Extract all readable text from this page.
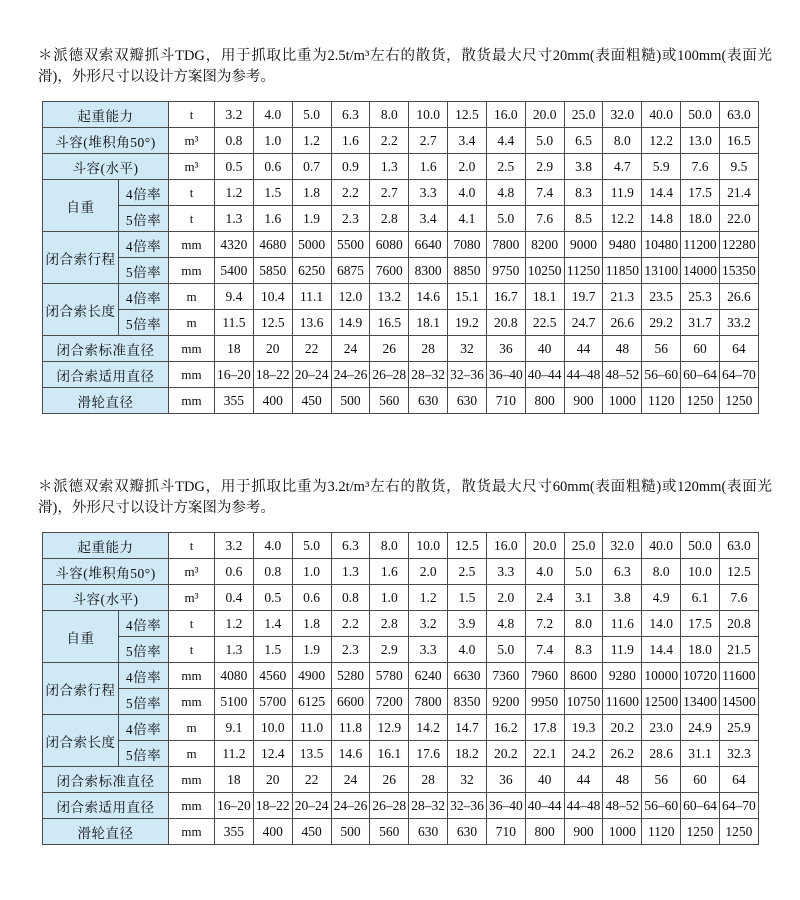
＊派德双索双瓣抓斗TDG，用于抓取比重为2.5t/m³左右的散货，散货最大尺寸20mm(表面粗糙)或100mm(表面光滑)，外形尺寸以设计方案图为参考。

起重能力		t	3.2	4.0	5.0	6.3	8.0	10.0	12.5	16.0	20.0	25.0	32.0	40.0	50.0	63.0
斗容(堆积角50°)		m³	0.8	1.0	1.2	1.6	2.2	2.7	3.4	4.4	5.0	6.5	8.0	12.2	13.0	16.5
斗容(水平)		m³	0.5	0.6	0.7	0.9	1.3	1.6	2.0	2.5	2.9	3.8	4.7	5.9	7.6	9.5
自重	4倍率	t	1.2	1.5	1.8	2.2	2.7	3.3	4.0	4.8	7.4	8.3	11.9	14.4	17.5	21.4
	5倍率	t	1.3	1.6	1.9	2.3	2.8	3.4	4.1	5.0	7.6	8.5	12.2	14.8	18.0	22.0
闭合索行程	4倍率	mm	4320	4680	5000	5500	6080	6640	7080	7800	8200	9000	9480	10480	11200	12280
	5倍率	mm	5400	5850	6250	6875	7600	8300	8850	9750	10250	11250	11850	13100	14000	15350
闭合索长度	4倍率	m	9.4	10.4	11.1	12.0	13.2	14.6	15.1	16.7	18.1	19.7	21.3	23.5	25.3	26.6
	5倍率	m	11.5	12.5	13.6	14.9	16.5	18.1	19.2	20.8	22.5	24.7	26.6	29.2	31.7	33.2
闭合索标准直径		mm	18	20	22	24	26	28	32	36	40	44	48	56	60	64
闭合索适用直径		mm	16–20	18–22	20–24	24–26	26–28	28–32	32–36	36–40	40–44	44–48	48–52	56–60	60–64	64–70
滑轮直径		mm	355	400	450	500	560	630	630	710	800	900	1000	1120	1250	1250

＊派德双索双瓣抓斗TDG，用于抓取比重为3.2t/m³左右的散货，散货最大尺寸60mm(表面粗糙)或120mm(表面光滑)，外形尺寸以设计方案图为参考。

起重能力		t	3.2	4.0	5.0	6.3	8.0	10.0	12.5	16.0	20.0	25.0	32.0	40.0	50.0	63.0
斗容(堆积角50°)		m³	0.6	0.8	1.0	1.3	1.6	2.0	2.5	3.3	4.0	5.0	6.3	8.0	10.0	12.5
斗容(水平)		m³	0.4	0.5	0.6	0.8	1.0	1.2	1.5	2.0	2.4	3.1	3.8	4.9	6.1	7.6
自重	4倍率	t	1.2	1.4	1.8	2.2	2.8	3.2	3.9	4.8	7.2	8.0	11.6	14.0	17.5	20.8
	5倍率	t	1.3	1.5	1.9	2.3	2.9	3.3	4.0	5.0	7.4	8.3	11.9	14.4	18.0	21.5
闭合索行程	4倍率	mm	4080	4560	4900	5280	5780	6240	6630	7360	7960	8600	9280	10000	10720	11600
	5倍率	mm	5100	5700	6125	6600	7200	7800	8350	9200	9950	10750	11600	12500	13400	14500
闭合索长度	4倍率	m	9.1	10.0	11.0	11.8	12.9	14.2	14.7	16.2	17.8	19.3	20.2	23.0	24.9	25.9
	5倍率	m	11.2	12.4	13.5	14.6	16.1	17.6	18.2	20.2	22.1	24.2	26.2	28.6	31.1	32.3
闭合索标准直径		mm	18	20	22	24	26	28	32	36	40	44	48	56	60	64
闭合索适用直径		mm	16–20	18–22	20–24	24–26	26–28	28–32	32–36	36–40	40–44	44–48	48–52	56–60	60–64	64–70
滑轮直径		mm	355	400	450	500	560	630	630	710	800	900	1000	1120	1250	1250
